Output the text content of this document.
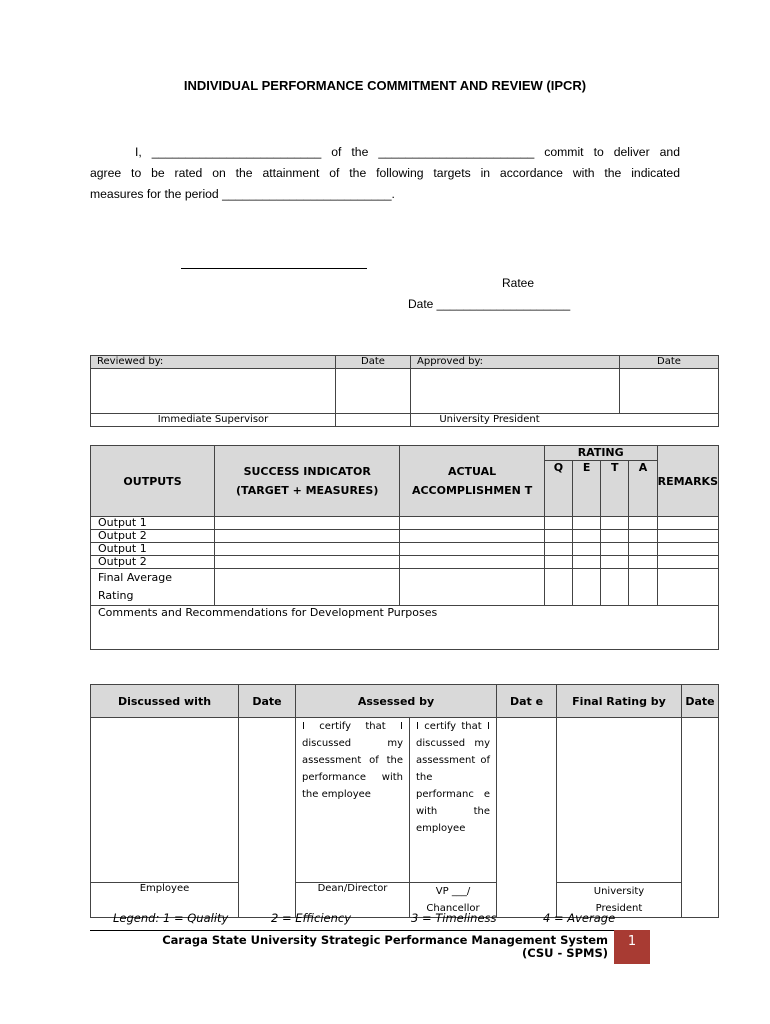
INDIVIDUAL PERFORMANCE COMMITMENT AND REVIEW (IPCR)
I, _________________________ of the _______________________ commit to deliver and
agree to be rated on the attainment of the following targets in accordance with the indicated
measures for the period _________________________.
Ratee
Date ____________________
Reviewed by:	Date	Approved by:	Date

Immediate Supervisor		University President	
OUTPUTS	SUCCESS INDICATOR (TARGET + MEASURES)	ACTUAL ACCOMPLISHMEN T	RATING				REMARKS
			Q	E	T	A	
Output 1							
Output 2							
Output 1							
Output 2							
Final Average Rating							
Comments and Recommendations for Development Purposes							
Discussed with	Date	Assessed by		Dat e	Final Rating by	Date
		I certify that I discussed my assessment of the performance with the employee	I certify that I discussed my assessment of the performanc e with the employee			
Employee		Dean/Director	VP ___/ Chancellor		University President	
Legend: 1 = Quality	2 = Efficiency	3 = Timeliness	4 = Average
Caraga State University Strategic Performance Management System
(CSU - SPMS)
1
